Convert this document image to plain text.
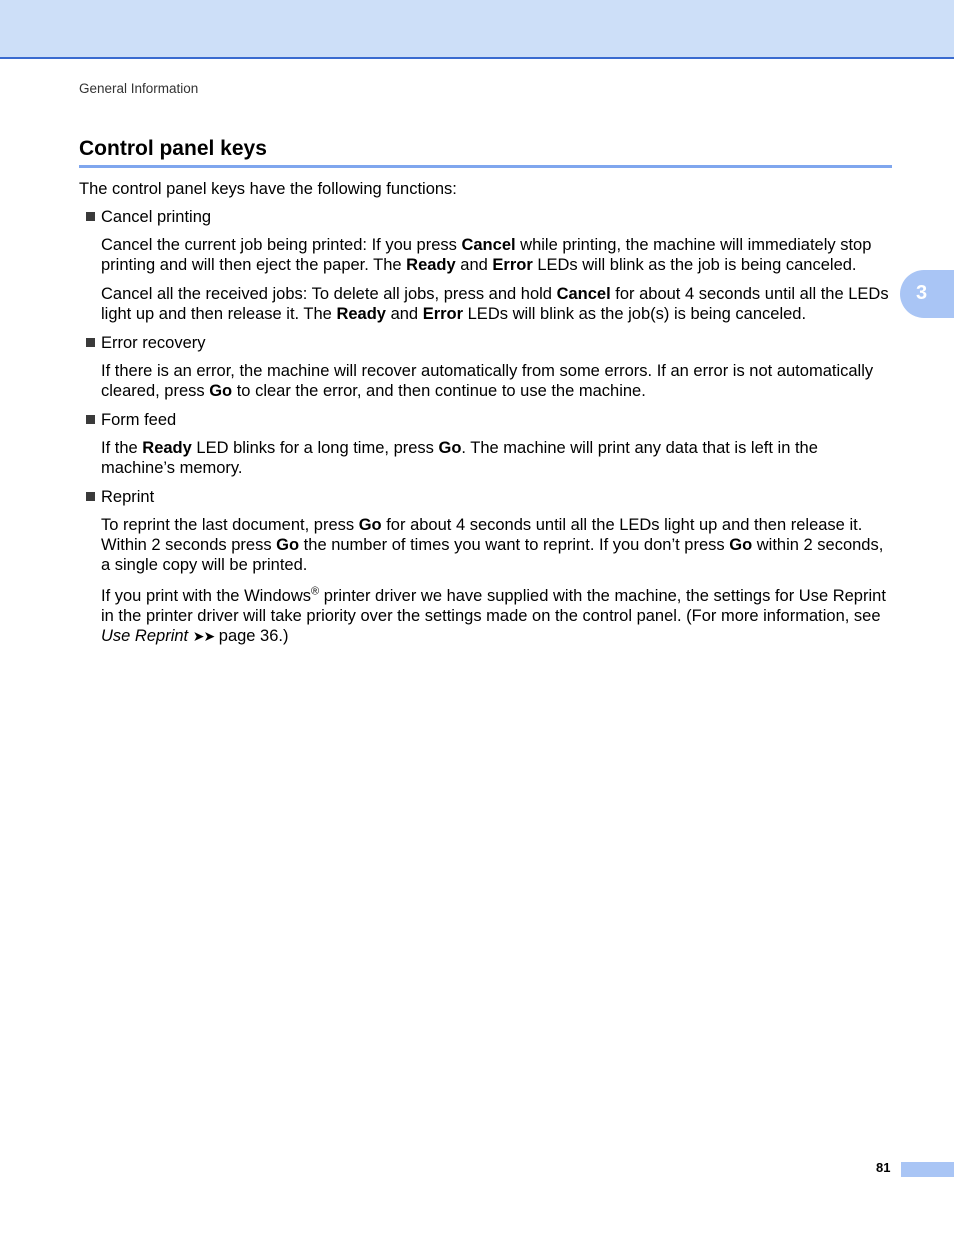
General Information
Control panel keys
3

The control panel keys have the following functions:

Cancel printing

Cancel the current job being printed: If you press Cancel while printing, the machine will immediately stop printing and will then eject the paper. The Ready and Error LEDs will blink as the job is being canceled.

Cancel all the received jobs: To delete all jobs, press and hold Cancel for about 4 seconds until all the LEDs light up and then release it. The Ready and Error LEDs will blink as the job(s) is being canceled.

Error recovery

If there is an error, the machine will recover automatically from some errors. If an error is not automatically cleared, press Go to clear the error, and then continue to use the machine.

Form feed

If the Ready LED blinks for a long time, press Go. The machine will print any data that is left in the machine’s memory.

Reprint

To reprint the last document, press Go for about 4 seconds until all the LEDs light up and then release it. Within 2 seconds press Go the number of times you want to reprint. If you don’t press Go within 2 seconds, a single copy will be printed.

If you print with the Windows® printer driver we have supplied with the machine, the settings for Use Reprint in the printer driver will take priority over the settings made on the control panel. (For more information, see Use Reprint ➤➤ page 36.)

81
